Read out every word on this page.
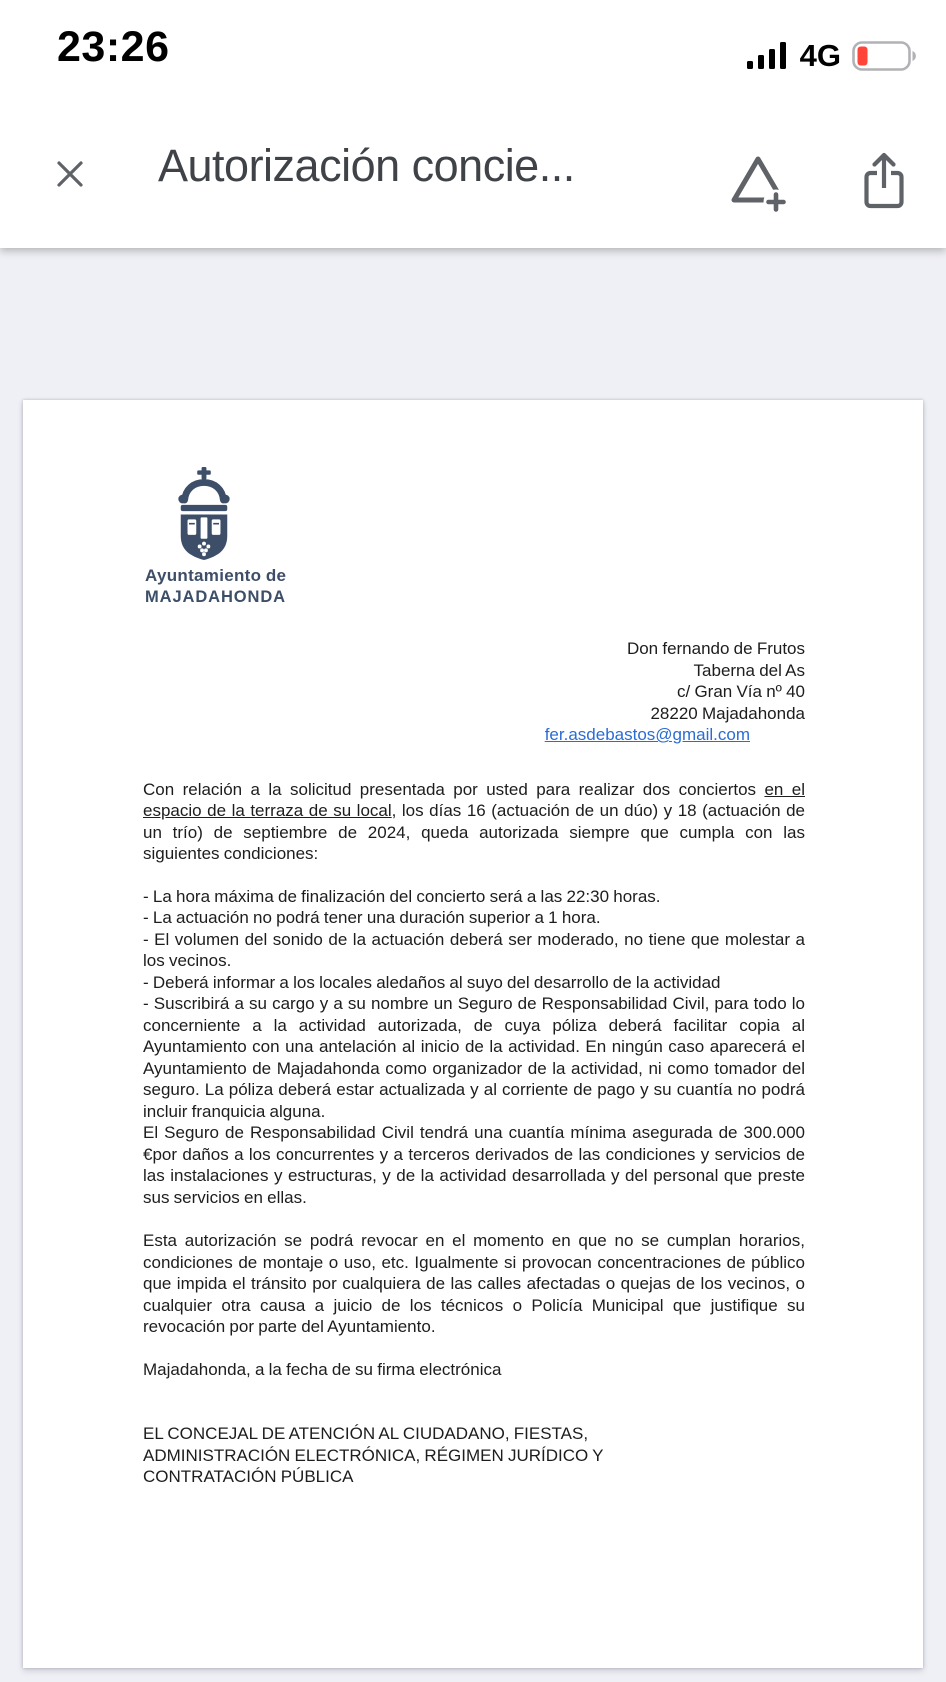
23:26	4G
Autorización concie...
Ayuntamiento de
MAJADAHONDA
Don fernando de Frutos
Taberna del As
c/ Gran Vía nº 40
28220 Majadahonda
fer.asdebastos@gmail.com

Con relación a la solicitud presentada por usted para realizar dos conciertos en el espacio de la terraza de su local, los días 16 (actuación de un dúo) y 18 (actuación de un trío) de septiembre de 2024, queda autorizada siempre que cumpla con las siguientes condiciones:

- La hora máxima de finalización del concierto será a las 22:30 horas.

- La actuación no podrá tener una duración superior a 1 hora.

- El volumen del sonido de la actuación deberá ser moderado, no tiene que molestar a los vecinos.

- Deberá informar a los locales aledaños al suyo del desarrollo de la actividad

- Suscribirá a su cargo y a su nombre un Seguro de Responsabilidad Civil, para todo lo concerniente a la actividad autorizada, de cuya póliza deberá facilitar copia al Ayuntamiento con una antelación al inicio de la actividad. En ningún caso aparecerá el Ayuntamiento de Majadahonda como organizador de la actividad, ni como tomador del seguro. La póliza deberá estar actualizada y al corriente de pago y su cuantía no podrá incluir franquicia alguna.

El Seguro de Responsabilidad Civil tendrá una cuantía mínima asegurada de 300.000 €por daños a los concurrentes y a terceros derivados de las condiciones y servicios de las instalaciones y estructuras, y de la actividad desarrollada y del personal que preste sus servicios en ellas.

Esta autorización se podrá revocar en el momento en que no se cumplan horarios, condiciones de montaje o uso, etc. Igualmente si provocan concentraciones de público que impida el tránsito por cualquiera de las calles afectadas o quejas de los vecinos, o cualquier otra causa a juicio de los técnicos o Policía Municipal que justifique su revocación por parte del Ayuntamiento.

Majadahonda, a la fecha de su firma electrónica

EL CONCEJAL DE ATENCIÓN AL CIUDADANO, FIESTAS,
ADMINISTRACIÓN ELECTRÓNICA, RÉGIMEN JURÍDICO Y
CONTRATACIÓN PÚBLICA
